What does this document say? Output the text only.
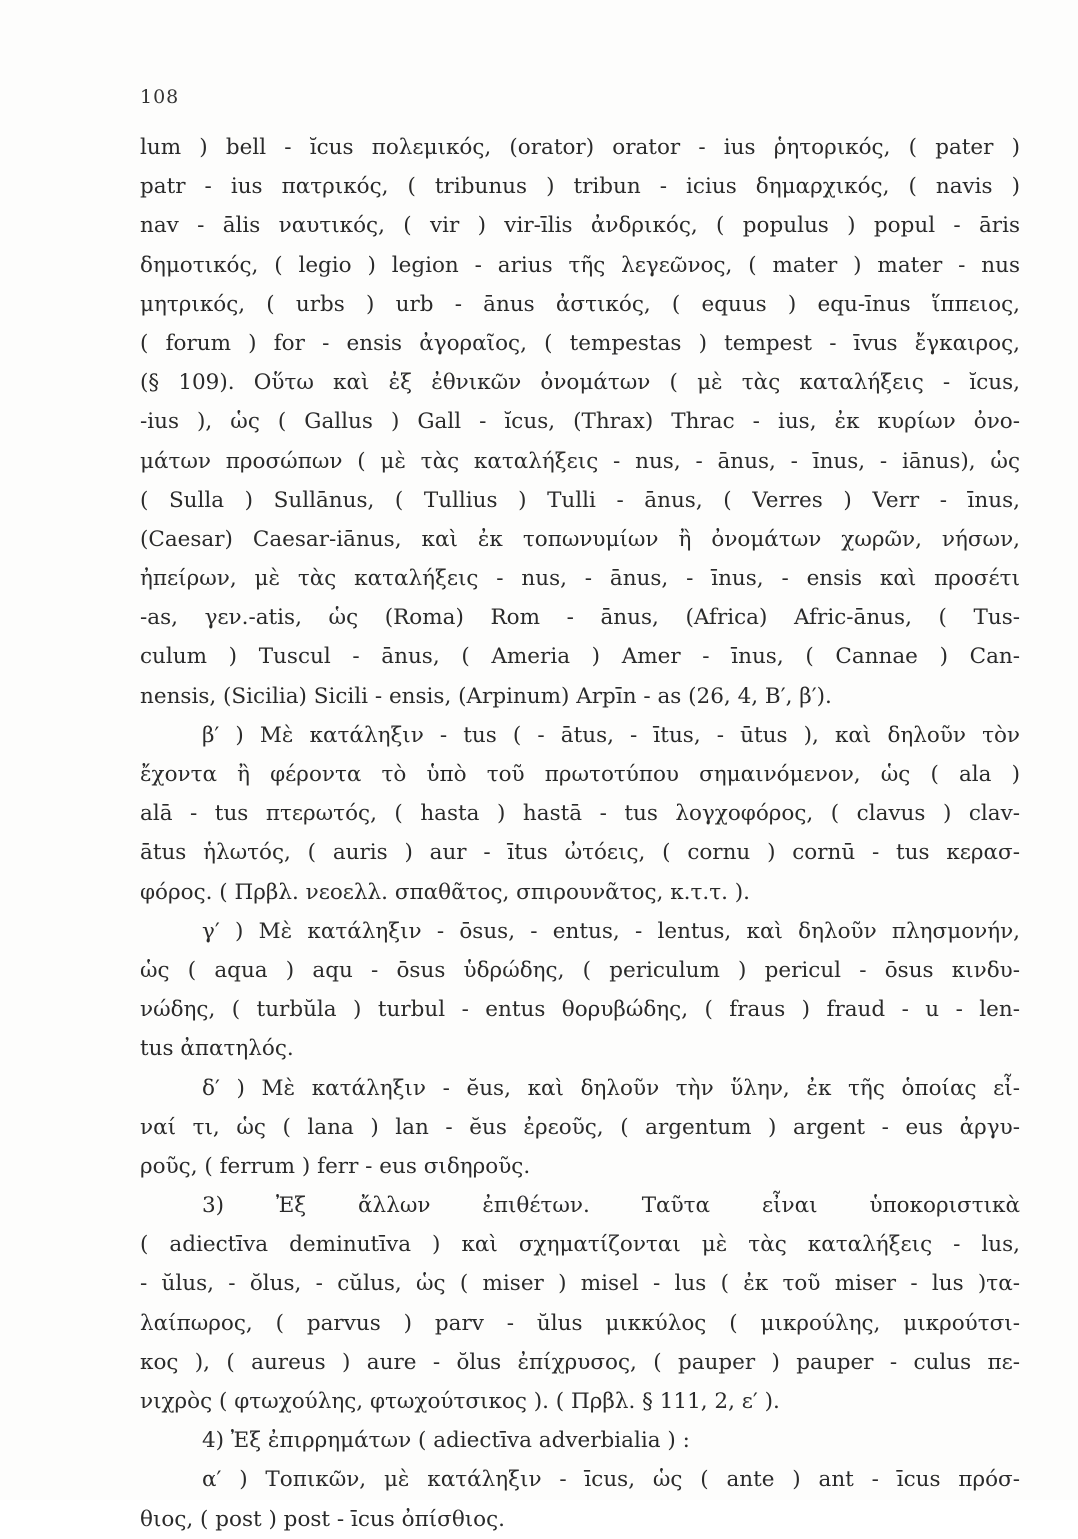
108
lum ) bell - ĭcus πολεμικός, (orator) orator - ius ῥητορικός, ( pater )
patr - ius πατρικός, ( tribunus ) tribun - icius δημαρχικός, ( navis )
nav - ālis ναυτικός, ( vir ) vir-īlis ἀνδρικός, ( populus ) popul - āris
δημοτικός, ( legio ) legion - arius τῆς λεγεῶνος, ( mater ) mater - nus
μητρικός, ( urbs ) urb - ānus ἀστικός, ( equus ) equ-īnus ἵππειος,
( forum ) for - ensis ἀγοραῖος, ( tempestas ) tempest - īvus ἔγκαιρος,
(§ 109). Οὕτω καὶ ἐξ ἐθνικῶν ὀνομάτων ( μὲ τὰς καταλήξεις - ĭcus,
-ius ), ὡς ( Gallus ) Gall - ĭcus, (Thrax) Thrac - ius, ἐκ κυρίων ὀνο-
μάτων προσώπων ( μὲ τὰς καταλήξεις - nus, - ānus, - īnus, - iānus), ὡς
( Sulla ) Sullānus, ( Tullius ) Tulli - ānus, ( Verres ) Verr - īnus,
(Caesar) Caesar-iānus, καὶ ἐκ τοπωνυμίων ἢ ὀνομάτων χωρῶν, νήσων,
ἠπείρων, μὲ τὰς καταλήξεις - nus, - ānus, - īnus, - ensis καὶ προσέτι
-as, γεν.-atis, ὡς (Roma) Rom - ānus, (Africa) Afric-ānus, ( Tus-
culum ) Tuscul - ānus, ( Ameria ) Amer - īnus, ( Cannae ) Can-
nensis, (Sicilia) Sicili - ensis, (Arpinum) Arpīn - as (26, 4, B′, β′).
β′ ) Μὲ κατάληξιν - tus ( - ātus, - ītus, - ūtus ), καὶ δηλοῦν τὸν
ἔχοντα ἢ φέροντα τὸ ὑπὸ τοῦ πρωτοτύπου σημαινόμενον, ὡς ( ala )
alā - tus πτερωτός, ( hasta ) hastā - tus λογχοφόρος, ( clavus ) clav-
ātus ἡλωτός, ( auris ) aur - ītus ὠτόεις, ( cornu ) cornū - tus κερασ-
φόρος. ( Πρβλ. νεοελλ. σπαθᾶτος, σπιρουνᾶτος, κ.τ.τ. ).
γ′ ) Μὲ κατάληξιν - ōsus, - entus, - lentus, καὶ δηλοῦν πλησμονήν,
ὡς ( aqua ) aqu - ōsus ὑδρώδης, ( periculum ) pericul - ōsus κινδυ-
νώδης, ( turbŭla ) turbul - entus θορυβώδης, ( fraus ) fraud - u - len-
tus ἀπατηλός.
δ′ ) Μὲ κατάληξιν - ĕus, καὶ δηλοῦν τὴν ὕλην, ἐκ τῆς ὁποίας εἶ-
ναί τι, ὡς ( lana ) lan - ĕus ἐρεοῦς, ( argentum ) argent - eus ἀργυ-
ροῦς, ( ferrum ) ferr - eus σιδηροῦς.
3) Ἐξ ἄλλων ἐπιθέτων. Ταῦτα εἶναι ὑποκοριστικὰ
( adiectīva deminutīva ) καὶ σχηματίζονται μὲ τὰς καταλήξεις - lus,
- ŭlus, - ŏlus, - cŭlus, ὡς ( miser ) misel - lus ( ἐκ τοῦ miser - lus )τα-
λαίπωρος, ( parvus ) parv - ŭlus μικκύλος ( μικρούλης, μικρούτσι-
κος ), ( aureus ) aure - ŏlus ἐπίχρυσος, ( pauper ) pauper - culus πε-
νιχρὸς ( φτωχούλης, φτωχούτσικος ). ( Πρβλ. § 111, 2, ε′ ).
4) Ἐξ ἐπιρρημάτων ( adiectīva adverbialia ) :
α′ ) Τοπικῶν, μὲ κατάληξιν - īcus, ὡς ( ante ) ant - īcus πρόσ-
θιος, ( post ) post - īcus ὀπίσθιος.
